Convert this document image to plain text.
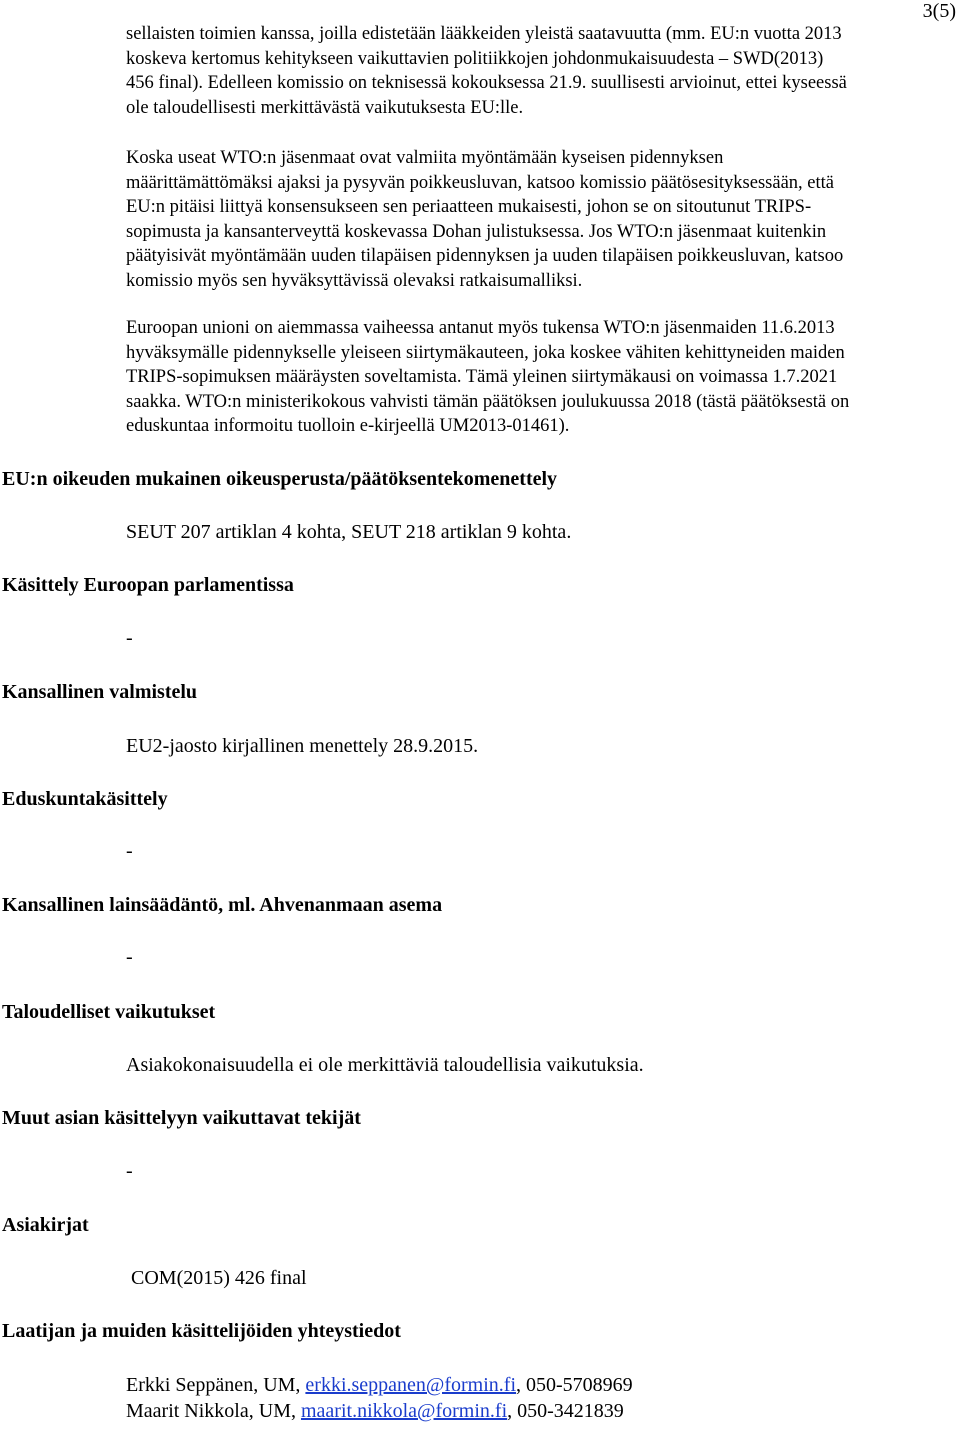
3(5)
sellaisten toimien kanssa, joilla edistetään lääkkeiden yleistä saatavuutta (mm. EU:n vuotta 2013
koskeva kertomus kehitykseen vaikuttavien politiikkojen johdonmukaisuudesta – SWD(2013)
456 final). Edelleen komissio on teknisessä kokouksessa 21.9. suullisesti arvioinut, ettei kyseessä
ole taloudellisesti merkittävästä vaikutuksesta EU:lle.
Koska useat WTO:n jäsenmaat ovat valmiita myöntämään kyseisen pidennyksen
määrittämättömäksi ajaksi ja pysyvän poikkeusluvan, katsoo komissio päätösesityksessään, että
EU:n pitäisi liittyä konsensukseen sen periaatteen mukaisesti, johon se on sitoutunut TRIPS-
sopimusta ja kansanterveyttä koskevassa Dohan julistuksessa. Jos WTO:n jäsenmaat kuitenkin
päätyisivät myöntämään uuden tilapäisen pidennyksen ja uuden tilapäisen poikkeusluvan, katsoo
komissio myös sen hyväksyttävissä olevaksi ratkaisumalliksi.
Euroopan unioni on aiemmassa vaiheessa antanut myös tukensa WTO:n jäsenmaiden 11.6.2013
hyväksymälle pidennykselle yleiseen siirtymäkauteen, joka koskee vähiten kehittyneiden maiden
TRIPS-sopimuksen määräysten soveltamista. Tämä yleinen siirtymäkausi on voimassa 1.7.2021
saakka. WTO:n ministerikokous vahvisti tämän päätöksen joulukuussa 2018 (tästä päätöksestä on
eduskuntaa informoitu tuolloin e-kirjeellä UM2013-01461).
EU:n oikeuden mukainen oikeusperusta/päätöksentekomenettely
SEUT 207 artiklan 4 kohta, SEUT 218 artiklan 9 kohta.
Käsittely Euroopan parlamentissa
-
Kansallinen valmistelu
EU2-jaosto kirjallinen menettely 28.9.2015.
Eduskuntakäsittely
-
Kansallinen lainsäädäntö, ml. Ahvenanmaan asema
-
Taloudelliset vaikutukset
Asiakokonaisuudella ei ole merkittäviä taloudellisia vaikutuksia.
Muut asian käsittelyyn vaikuttavat tekijät
-
Asiakirjat
COM(2015) 426 final
Laatijan ja muiden käsittelijöiden yhteystiedot
Erkki Seppänen, UM, erkki.seppanen@formin.fi, 050-5708969
Maarit Nikkola, UM, maarit.nikkola@formin.fi, 050-3421839
